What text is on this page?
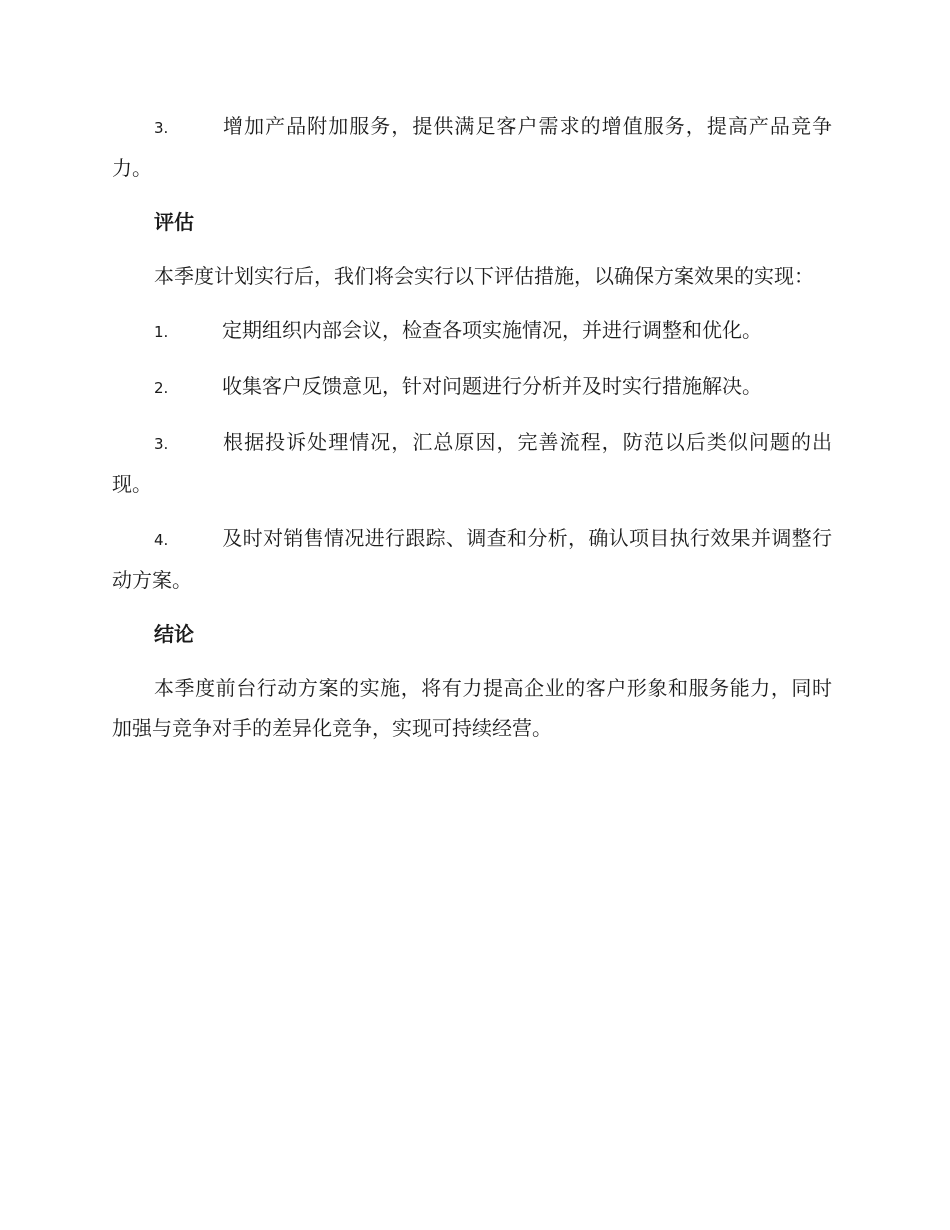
3.	增加产品附加服务，提供满足客户需求的增值服务，提高产品竞争力。

评估

本季度计划实行后，我们将会实行以下评估措施，以确保方案效果的实现：

1.	定期组织内部会议，检查各项实施情况，并进行调整和优化。

2.	收集客户反馈意见，针对问题进行分析并及时实行措施解决。

3.	根据投诉处理情况，汇总原因，完善流程，防范以后类似问题的出现。

4.	及时对销售情况进行跟踪、调查和分析，确认项目执行效果并调整行动方案。

结论

本季度前台行动方案的实施，将有力提高企业的客户形象和服务能力，同时加强与竞争对手的差异化竞争，实现可持续经营。
